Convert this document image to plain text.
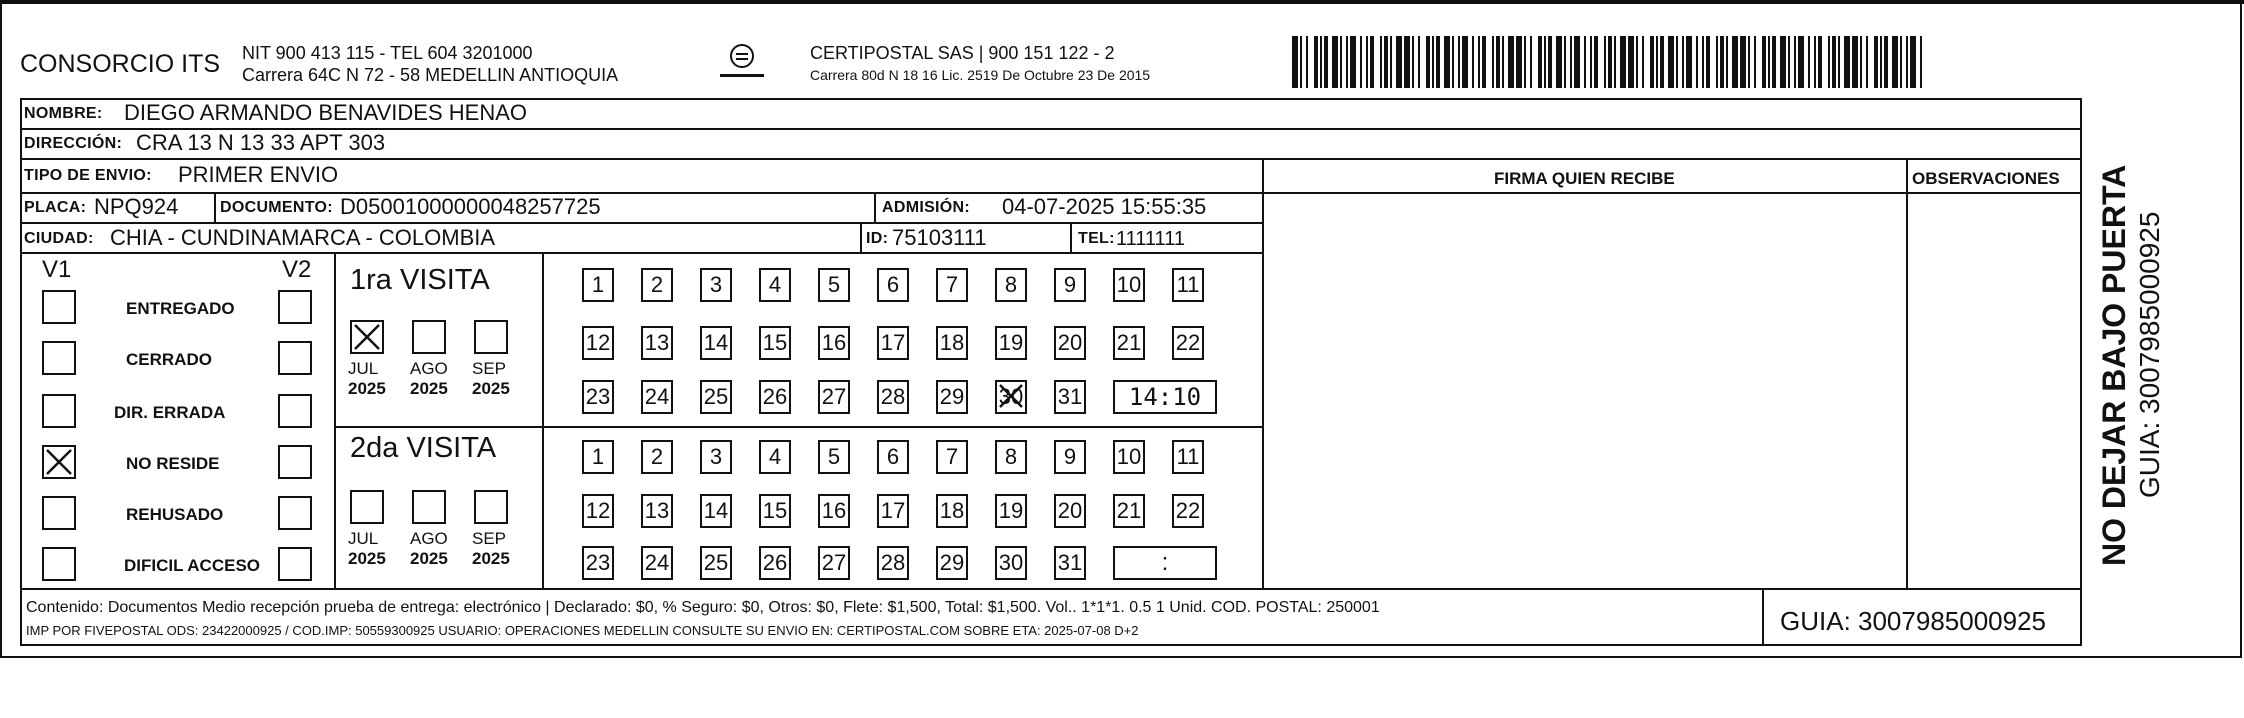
CONSORCIO ITS NIT 900 413 115 - TEL 604 3201000
Carrera 64C N 72 - 58 MEDELLIN ANTIOQUIA
CERTIPOSTAL SAS | 900 151 122 - 2
Carrera 80d N 18 16 Lic. 2519 De Octubre 23 De 2015
NOMBRE: DIEGO ARMANDO BENAVIDES HENAO
DIRECCIÓN: CRA 13 N 13 33 APT 303
TIPO DE ENVIO: PRIMER ENVIO	FIRMA QUIEN RECIBE	OBSERVACIONES
PLACA: NPQ924	DOCUMENTO: D05001000000048257725	ADMISIÓN: 04-07-2025 15:55:35
CIUDAD: CHIA - CUNDINAMARCA - COLOMBIA	ID: 75103111	TEL: 1111111
V1	V2 1ra VISITA
2da VISITA
Contenido: Documentos Medio recepción prueba de entrega: electrónico | Declarado: $0, % Seguro: $0, Otros: $0, Flete: $1,500, Total: $1,500. Vol.. 1*1*1. 0.5 1 Unid. COD. POSTAL: 250001
IMP POR FIVEPOSTAL ODS: 23422000925 / COD.IMP: 50559300925 USUARIO: OPERACIONES MEDELLIN CONSULTE SU ENVIO EN: CERTIPOSTAL.COM SOBRE ETA: 2025-07-08 D+2	GUIA: 3007985000925
NO DEJAR BAJO PUERTA GUIA: 3007985000925
ENTREGADO
CERRADO
DIR. ERRADA
NO RESIDE
REHUSADO
DIFICIL ACCESO
JUL
2025
AGO
2025
SEP
2025
JUL
2025
AGO
2025
SEP
2025
1	2	3	4	5	6	7	8	9	10 11
12 13 14 15 16 17 18 19 20 21 22
23 24 25 26 27 28 29 30 31	14:10
1	2	3	4	5	6	7	8	9	10 11
12 13 14 15 16 17 18 19 20 21 22
23 24 25 26 27 28 29 30 31	:
